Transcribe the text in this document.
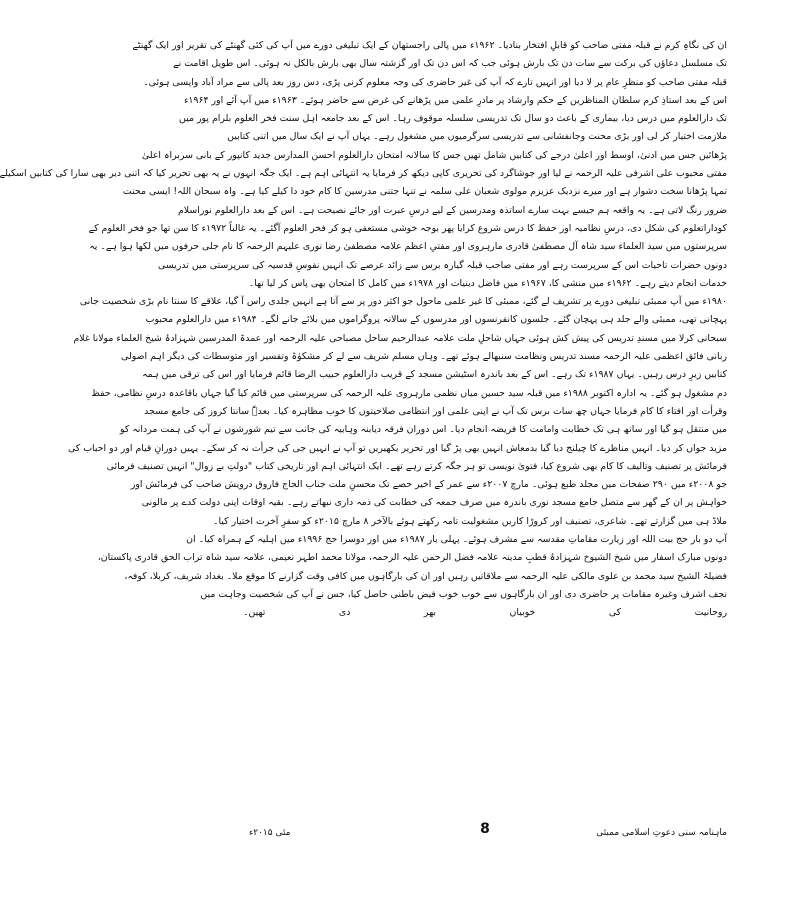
ان کی نگاہِ کرم نے قبلہ مفتی صاحب کو قابلِ افتخار بنادیا۔ ۱۹۶۲ء میں پالی راجستھان کے ایک تبلیغی دورے میں آپ کی کئی گھنٹے کی تقریر اور ایک گھنٹے
تک مسلسل دعاؤں کی برکت سے سات دن تک بارش ہوئی جب کہ اس دن تک اور گزشتہ سال بھی بارش بالکل نہ ہوئی۔ اس طویل اقامت نے
قبلہ مفتی صاحب کو منظرِ عام پر لا دیا اور انہیں تارے کہ آپ کی غیر حاضری کی وجہ معلوم کرنی پڑی، دس روز بعد پالی سے مراد آباد واپسی ہوئی۔
اس کے بعد استاذِ کرم سلطان المناظرین کے حکم وارشاد پر مادرِ علمی میں پڑھانے کی غرض سے حاضر ہوئے۔ ۱۹۶۳ء میں آپ آئے اور ۱۹۶۴ء
تک دارالعلوم میں درس دیا، بیماری کے باعث دو سال تک تدریسی سلسلہ موقوف رہا۔ اس کے بعد جامعہ اہل سنت فخر العلوم بلرام پور میں
ملازمت اختیار کر لی اور بڑی محنت وجانفشانی سے تدریسی سرگرمیوں میں مشغول رہے۔ یہاں آپ نے ایک سال میں اتنی کتابیں
پڑھائیں جس میں ادنیٰ، اوسط اور اعلیٰ درجے کی کتابیں شامل تھیں جس کا سالانہ امتحان دارالعلوم احسن المدارس جدید کانپور کے بانی سربراہ اعلیٰ
مفتی محبوب علی اشرفی علیہ الرحمہ نے لیا اور جوشاگرد کی تحریری کاپی دیکھ کر فرمایا یہ انتہائی اہم ہے۔ ایک جگہ انہوں نے یہ بھی تحریر کیا کہ اتنی دیر بھی سارا کی کتابیں اسکیلے
تمہا پڑھانا سخت دشوار ہے اور میرے نزدیک عزیزم مولوی شعبان علی سلمہ نے تنہا جتنی مدرسین کا کام خود دا کیلے کیا ہے۔ واہ سبحان اللہ! ایسی محنت
ضرور رنگ لاتی ہے۔ یہ واقعہ ہم جیسے بہت سارے اساتذہ ومدرسین کے لیے درسِ عبرت اور جائے نصیحت ہے۔ اس کے بعد دارالعلوم نوراسلام
کوداراتعلوم کی شکل دی، درسِ نظامیہ اور حفظ کا درس شروع کرایا پھر بوجہ خوشی مستعفی ہو کر فخر العلوم آگئے۔ یہ غالباً ۱۹۷۲ء کا سن تھا جو فخر العلوم کے
سرپرستوں میں سید العلماء سید شاہ آل مصطفیٰ قادری مارہروی اور مفتیِ اعظم علامہ مصطفیٰ رضا نوری علیہم الرحمہ کا نام جلی حرفوں میں لکھا ہوا ہے۔ یہ
دونوں حضرات تاحیات اس کے سرپرست رہے اور مفتی صاحب قبلہ گیارہ برس سے زائد عرصے تک انہیں نفوسِ قدسیہ کی سرپرستی میں تدریسی
خدمات انجام دیتے رہے۔ ۱۹۶۲ء میں منشی کا، ۱۹۶۷ء میں فاضل دینیات اور ۱۹۷۸ء میں کامل کا امتحان بھی پاس کر لیا تھا۔
۱۹۸۰ء میں آپ ممبئی تبلیغی دورے پر تشریف لے گئے، ممبئی کا غیر علمی ماحول جو اکثر دور پر سے آتا ہے انہیں جلدی راس آ گیا، علاقے کا سنتا نام بڑی شخصیت جانی
پہچانی تھی، ممبئی والے جلد ہی پہچان گئے۔ جلسوں کانفرنسوں اور مدرسوں کے سالانہ پروگراموں میں بلائے جانے لگے۔ ۱۹۸۴ء میں دارالعلوم محبوب
سبحانی کرلا میں مسندِ تدریس کی پیش کش ہوئی جہاں شاحلِ ملت علامہ عبدالرحیم ساحل مصباحی علیہ الرحمہ اور عمدۃ المدرسین شہزادۂ شیخ العلماء مولانا غلام
ربانی فائق اعظمی علیہ الرحمہ مسند تدریس ونظامت سنبھالے ہوئے تھے۔ وہاں مسلم شریف سے لے کر مشکوٰۃ وتفسیر اور متوسطات کی دیگر اہم اصولی
کتابیں زیرِ درس رہیں۔ یہاں ۱۹۸۷ء تک رہے۔ اس کے بعد باندرہ اسٹیشن مسجد کے قریب دارالعلوم حبیب الرضا قائم فرمایا اور اس کی ترقی میں ہمہ
دم مشغول ہو گئے۔ یہ ادارہ اکتوبر ۱۹۸۸ء میں قبلہ سید حسین میاں نظمی مارہروی علیہ الرحمہ کی سرپرستی میں قائم کیا گیا جہاں باقاعدہ درسِ نظامی، حفظ
وقرأت اور افتاء کا کام فرمایا جہاں چھ سات برس تک آپ نے اپنی علمی اور انتظامی صلاحیتوں کا خوب مظاہرہ کیا۔ بعدہٗ سانتا کروز کی جامع مسجد
میں منتقل ہو گیا اور ساتھ ہی تک خطابت وامامت کا فریضہ انجام دیا۔ اس دوران فرقہ دیابنہ وہابیہ کی جانب سے تیم شورشوں نے آپ کی ہمت مردانہ کو
مزید جواں کر دیا۔ انہیں مناظرے کا چیلنج دیا گیا بدمعاش انہیں بھی پڑ گیا اور تحریر بکھیریں تو آپ نے انہیں جی کی جرأت نہ کر سکے۔ یہیں دورانِ قیام اور دو احباب کی
فرمائش پر تصنیف وتالیف کا کام بھی شروع کیا، فتویٰ نویسی تو ہر جگہ کرتے رہے تھے۔ ایک انتہائی اہم اور تاریخی کتاب "دولتِ بے زوال" انہیں تصنیف فرمائی
جو ۲۰۰۸ء میں ۲۹۰ صفحات میں مجلد طبع ہوئی۔ مارچ ۲۰۰۷ء سے عمر کے اخیر حصے تک محسنِ ملت جناب الحاج فاروق درویش صاحب کی فرمائش اور
خواہش پر ان کے گھر سے متصل جامع مسجد نوری باندرہ میں صرف جمعہ کی خطابت کی ذمہ داری نبھاتے رہے۔ بقیہ اوقات اپنی دولت کدے پر مالونی
ملاڈ ہی میں گزارتے تھے۔ شاعری، تصنیف اور کروڑا کاریں مشغولیت تامہ رکھتے ہوئے بالآخر ۸ مارچ ۲۰۱۵ء کو سفرِ آخرت اختیار کیا۔
آپ دو بار حج بیت اللہ اور زیارت مقاماتِ مقدسہ سے مشرف ہوئے۔ پہلی بار ۱۹۸۷ء میں اور دوسرا حج ۱۹۹۶ء میں اہلیہ کے ہمراہ کیا۔ ان
دونوں مبارک اسفار میں شیخ الشیوخ شہزادۂ قطبِ مدینہ علامہ فضل الرحمن علیہ الرحمہ، مولانا محمد اطہر نعیمی، علامہ سید شاہ تراب الحق قادری پاکستان،
فضیلۃ الشیخ سید محمد بن علوی مالکی علیہ الرحمہ سے ملاقاتیں رہیں اور ان کی بارگاہوں میں کافی وقت گزارنے کا موقع ملا۔ بغداد شریف، کربلا، کوفہ،
نجف اشرف وغیرہ مقامات پر حاضری دی اور ان بارگاہوں سے خوب خوب فیض باطنی حاصل کیا، جس نے آپ کی شخصیت وجاہت میں
روحانیت کی خوبیاں بھر دی تھیں۔
ماہنامہ سنی دعوتِ اسلامی ممبئی
8
مئی ۲۰۱۵ء
